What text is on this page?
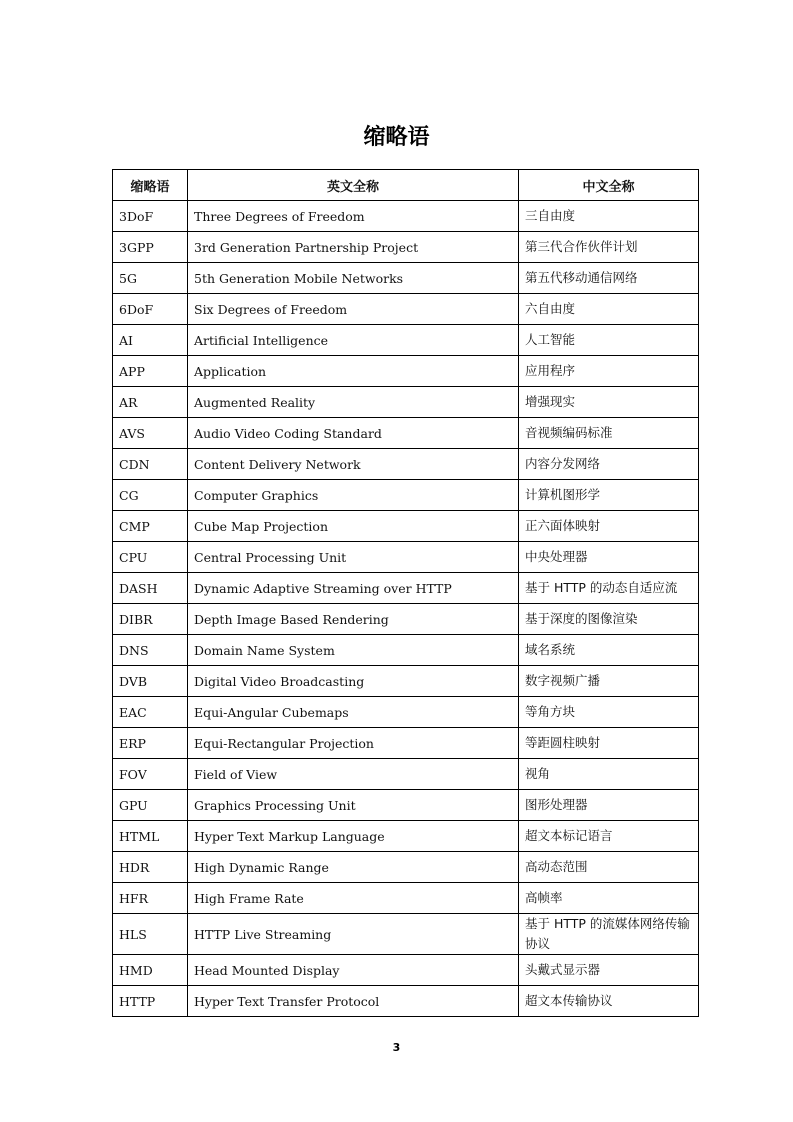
缩略语
缩略语	英文全称	中文全称
3DoF	Three Degrees of Freedom	三自由度
3GPP	3rd Generation Partnership Project	第三代合作伙伴计划
5G	5th Generation Mobile Networks	第五代移动通信网络
6DoF	Six Degrees of Freedom	六自由度
AI	Artificial Intelligence	人工智能
APP	Application	应用程序
AR	Augmented Reality	增强现实
AVS	Audio Video Coding Standard	音视频编码标准
CDN	Content Delivery Network	内容分发网络
CG	Computer Graphics	计算机图形学
CMP	Cube Map Projection	正六面体映射
CPU	Central Processing Unit	中央处理器
DASH	Dynamic Adaptive Streaming over HTTP	基于 HTTP 的动态自适应流
DIBR	Depth Image Based Rendering	基于深度的图像渲染
DNS	Domain Name System	域名系统
DVB	Digital Video Broadcasting	数字视频广播
EAC	Equi-Angular Cubemaps	等角方块
ERP	Equi-Rectangular Projection	等距圆柱映射
FOV	Field of View	视角
GPU	Graphics Processing Unit	图形处理器
HTML	Hyper Text Markup Language	超文本标记语言
HDR	High Dynamic Range	高动态范围
HFR	High Frame Rate	高帧率
HLS	HTTP Live Streaming	基于 HTTP 的流媒体网络传输协议
HMD	Head Mounted Display	头戴式显示器
HTTP	Hyper Text Transfer Protocol	超文本传输协议
3
